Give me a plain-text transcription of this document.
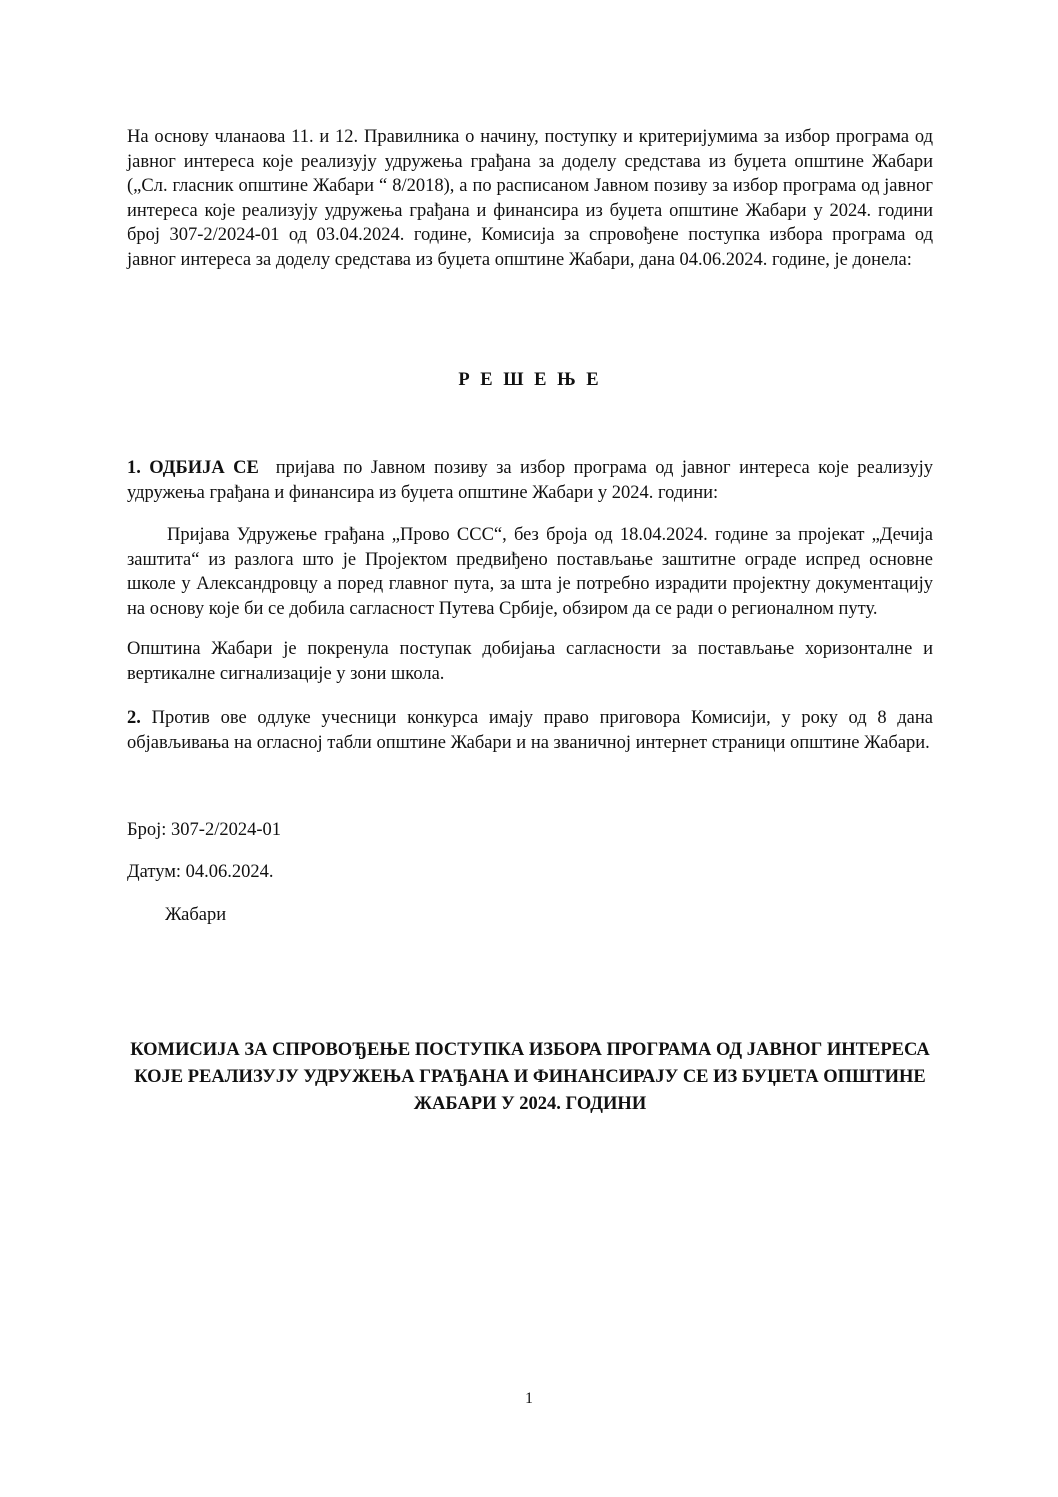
На основу чланаова 11. и 12. Правилника о начину, поступку и критеријумима за избор програма од јавног интереса које реализују удружења грађана за доделу средстава из буџета општине Жабари („Сл. гласник општине Жабари “ 8/2018), а по расписаном Јавном позиву за избор програма од јавног интереса које реализују удружења грађана и финансира из буџета општине Жабари у 2024. години број 307-2/2024-01 од 03.04.2024. године, Комисија за спровођене поступка избора програма од јавног интереса за доделу средстава из буџета општине Жабари, дана 04.06.2024. године, је донела:

Р Е Ш Е Њ Е

1. ОДБИЈА СЕ пријава по Јавном позиву за избор програма од јавног интереса које реализују удружења грађана и финансира из буџета општине Жабари у 2024. години:

Пријава Удружење грађана „Прово ССС“, без броја од 18.04.2024. године за пројекат „Дечија заштита“ из разлога што је Пројектом предвиђено постављање заштитне ограде испред основне школе у Александровцу а поред главног пута, за шта је потребно израдити пројектну документацију на основу које би се добила сагласност Путева Србије, обзиром да се ради о регионалном путу.

Општина Жабари је покренула поступак добијања сагласности за постављање хоризонталне и вертикалне сигнализације у зони школа.

2. Против ове одлуке учесници конкурса имају право приговора Комисији, у року од 8 дана објављивања на огласној табли општине Жабари и на званичној интернет страници општине Жабари.

Број: 307-2/2024-01

Датум: 04.06.2024.

Жабари

КОМИСИЈА ЗА СПРОВОЂЕЊЕ ПОСТУПКА ИЗБОРА ПРОГРАМА ОД ЈАВНОГ ИНТЕРЕСА КОЈЕ РЕАЛИЗУЈУ УДРУЖЕЊА ГРАЂАНА И ФИНАНСИРАЈУ СЕ ИЗ БУЏЕТА ОПШТИНЕ ЖАБАРИ У 2024. ГОДИНИ

1
